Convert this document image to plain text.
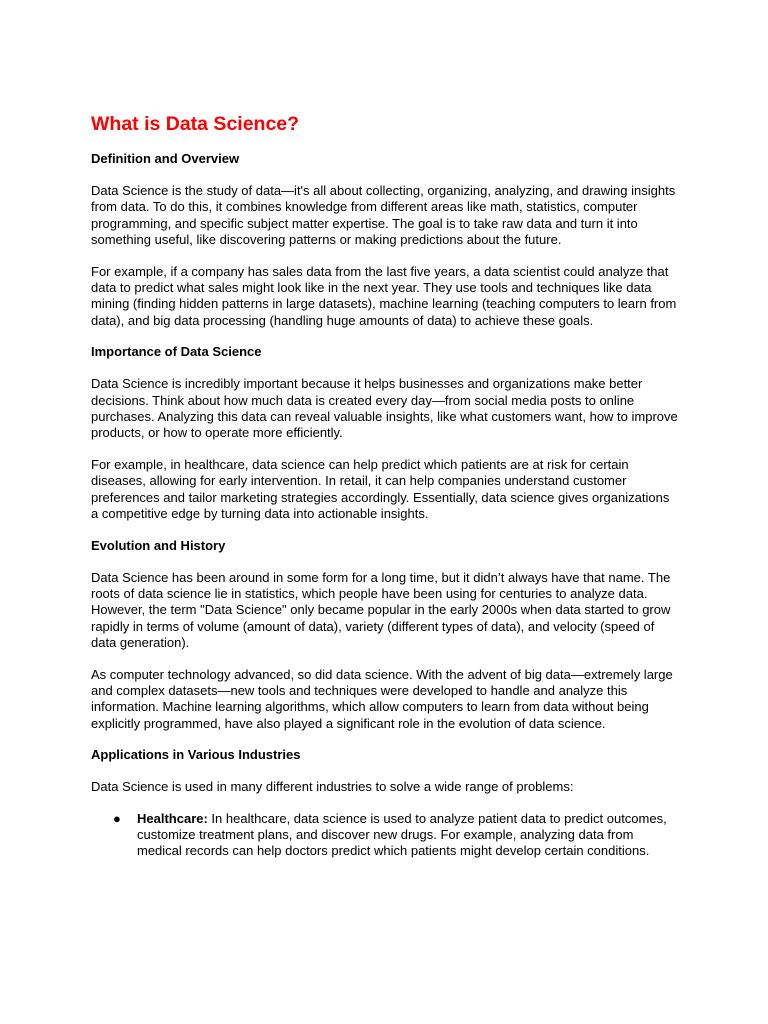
What is Data Science?
Definition and Overview

Data Science is the study of data—it's all about collecting, organizing, analyzing, and drawing insights from data. To do this, it combines knowledge from different areas like math, statistics, computer programming, and specific subject matter expertise. The goal is to take raw data and turn it into something useful, like discovering patterns or making predictions about the future.

For example, if a company has sales data from the last five years, a data scientist could analyze that data to predict what sales might look like in the next year. They use tools and techniques like data mining (finding hidden patterns in large datasets), machine learning (teaching computers to learn from data), and big data processing (handling huge amounts of data) to achieve these goals.

Importance of Data Science

Data Science is incredibly important because it helps businesses and organizations make better decisions. Think about how much data is created every day—from social media posts to online purchases. Analyzing this data can reveal valuable insights, like what customers want, how to improve products, or how to operate more efficiently.

For example, in healthcare, data science can help predict which patients are at risk for certain diseases, allowing for early intervention. In retail, it can help companies understand customer preferences and tailor marketing strategies accordingly. Essentially, data science gives organizations a competitive edge by turning data into actionable insights.

Evolution and History

Data Science has been around in some form for a long time, but it didn’t always have that name. The roots of data science lie in statistics, which people have been using for centuries to analyze data. However, the term "Data Science" only became popular in the early 2000s when data started to grow rapidly in terms of volume (amount of data), variety (different types of data), and velocity (speed of data generation).

As computer technology advanced, so did data science. With the advent of big data—extremely large and complex datasets—new tools and techniques were developed to handle and analyze this information. Machine learning algorithms, which allow computers to learn from data without being explicitly programmed, have also played a significant role in the evolution of data science.

Applications in Various Industries

Data Science is used in many different industries to solve a wide range of problems:

● Healthcare: In healthcare, data science is used to analyze patient data to predict outcomes, customize treatment plans, and discover new drugs. For example, analyzing data from medical records can help doctors predict which patients might develop certain conditions.
